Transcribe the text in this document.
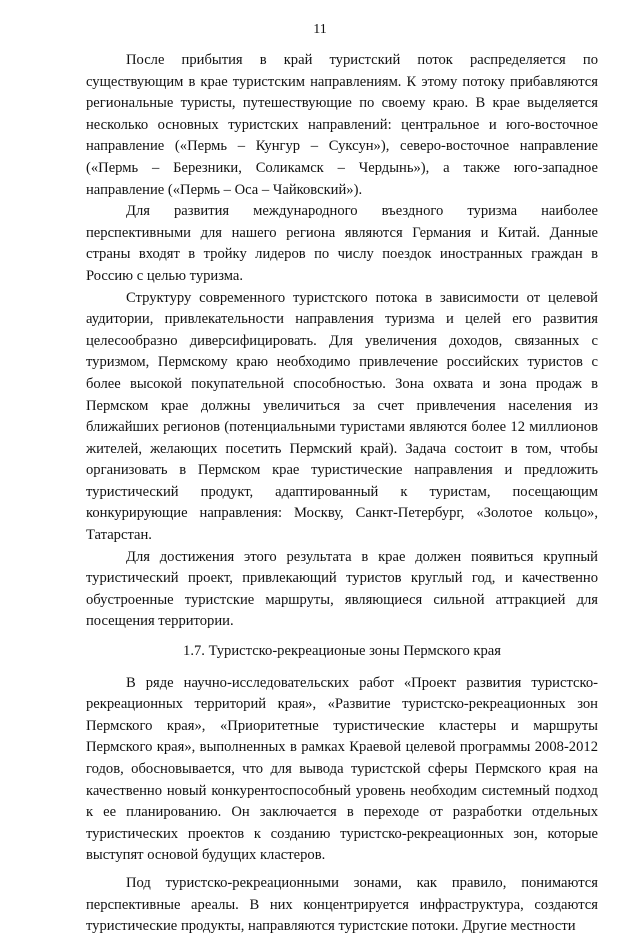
11

После прибытия в край туристский поток распределяется по существующим в крае туристским направлениям. К этому потоку прибавляются региональные туристы, путешествующие по своему краю. В крае выделяется несколько основных туристских направлений: центральное и юго-восточное направление («Пермь – Кунгур – Суксун»), северо-восточное направление («Пермь – Березники, Соликамск – Чердынь»), а также юго-западное направление («Пермь – Оса – Чайковский»).

Для развития международного въездного туризма наиболее перспективными для нашего региона являются Германия и Китай. Данные страны входят в тройку лидеров по числу поездок иностранных граждан в Россию с целью туризма.

Структуру современного туристского потока в зависимости от целевой аудитории, привлекательности направления туризма и целей его развития целесообразно диверсифицировать. Для увеличения доходов, связанных с туризмом, Пермскому краю необходимо привлечение российских туристов с более высокой покупательной способностью. Зона охвата и зона продаж в Пермском крае должны увеличиться за счет привлечения населения из ближайших регионов (потенциальными туристами являются более 12 миллионов жителей, желающих посетить Пермский край). Задача состоит в том, чтобы организовать в Пермском крае туристические направления и предложить туристический продукт, адаптированный к туристам, посещающим конкурирующие направления: Москву, Санкт-Петербург, «Золотое кольцо», Татарстан.

Для достижения этого результата в крае должен появиться крупный туристический проект, привлекающий туристов круглый год, и качественно обустроенные туристские маршруты, являющиеся сильной аттракцией для посещения территории.

1.7. Туристско-рекреационые зоны Пермского края

В ряде научно-исследовательских работ «Проект развития туристско-рекреационных территорий края», «Развитие туристско-рекреационных зон Пермского края», «Приоритетные туристические кластеры и маршруты Пермского края», выполненных в рамках Краевой целевой программы 2008-2012 годов, обосновывается, что для вывода туристской сферы Пермского края на качественно новый конкурентоспособный уровень необходим системный подход к ее планированию. Он заключается в переходе от разработки отдельных туристических проектов к созданию туристско-рекреационных зон, которые выступят основой будущих кластеров.

Под туристско-рекреационными зонами, как правило, понимаются перспективные ареалы. В них концентрируется инфраструктура, создаются туристические продукты, направляются туристские потоки. Другие местности
